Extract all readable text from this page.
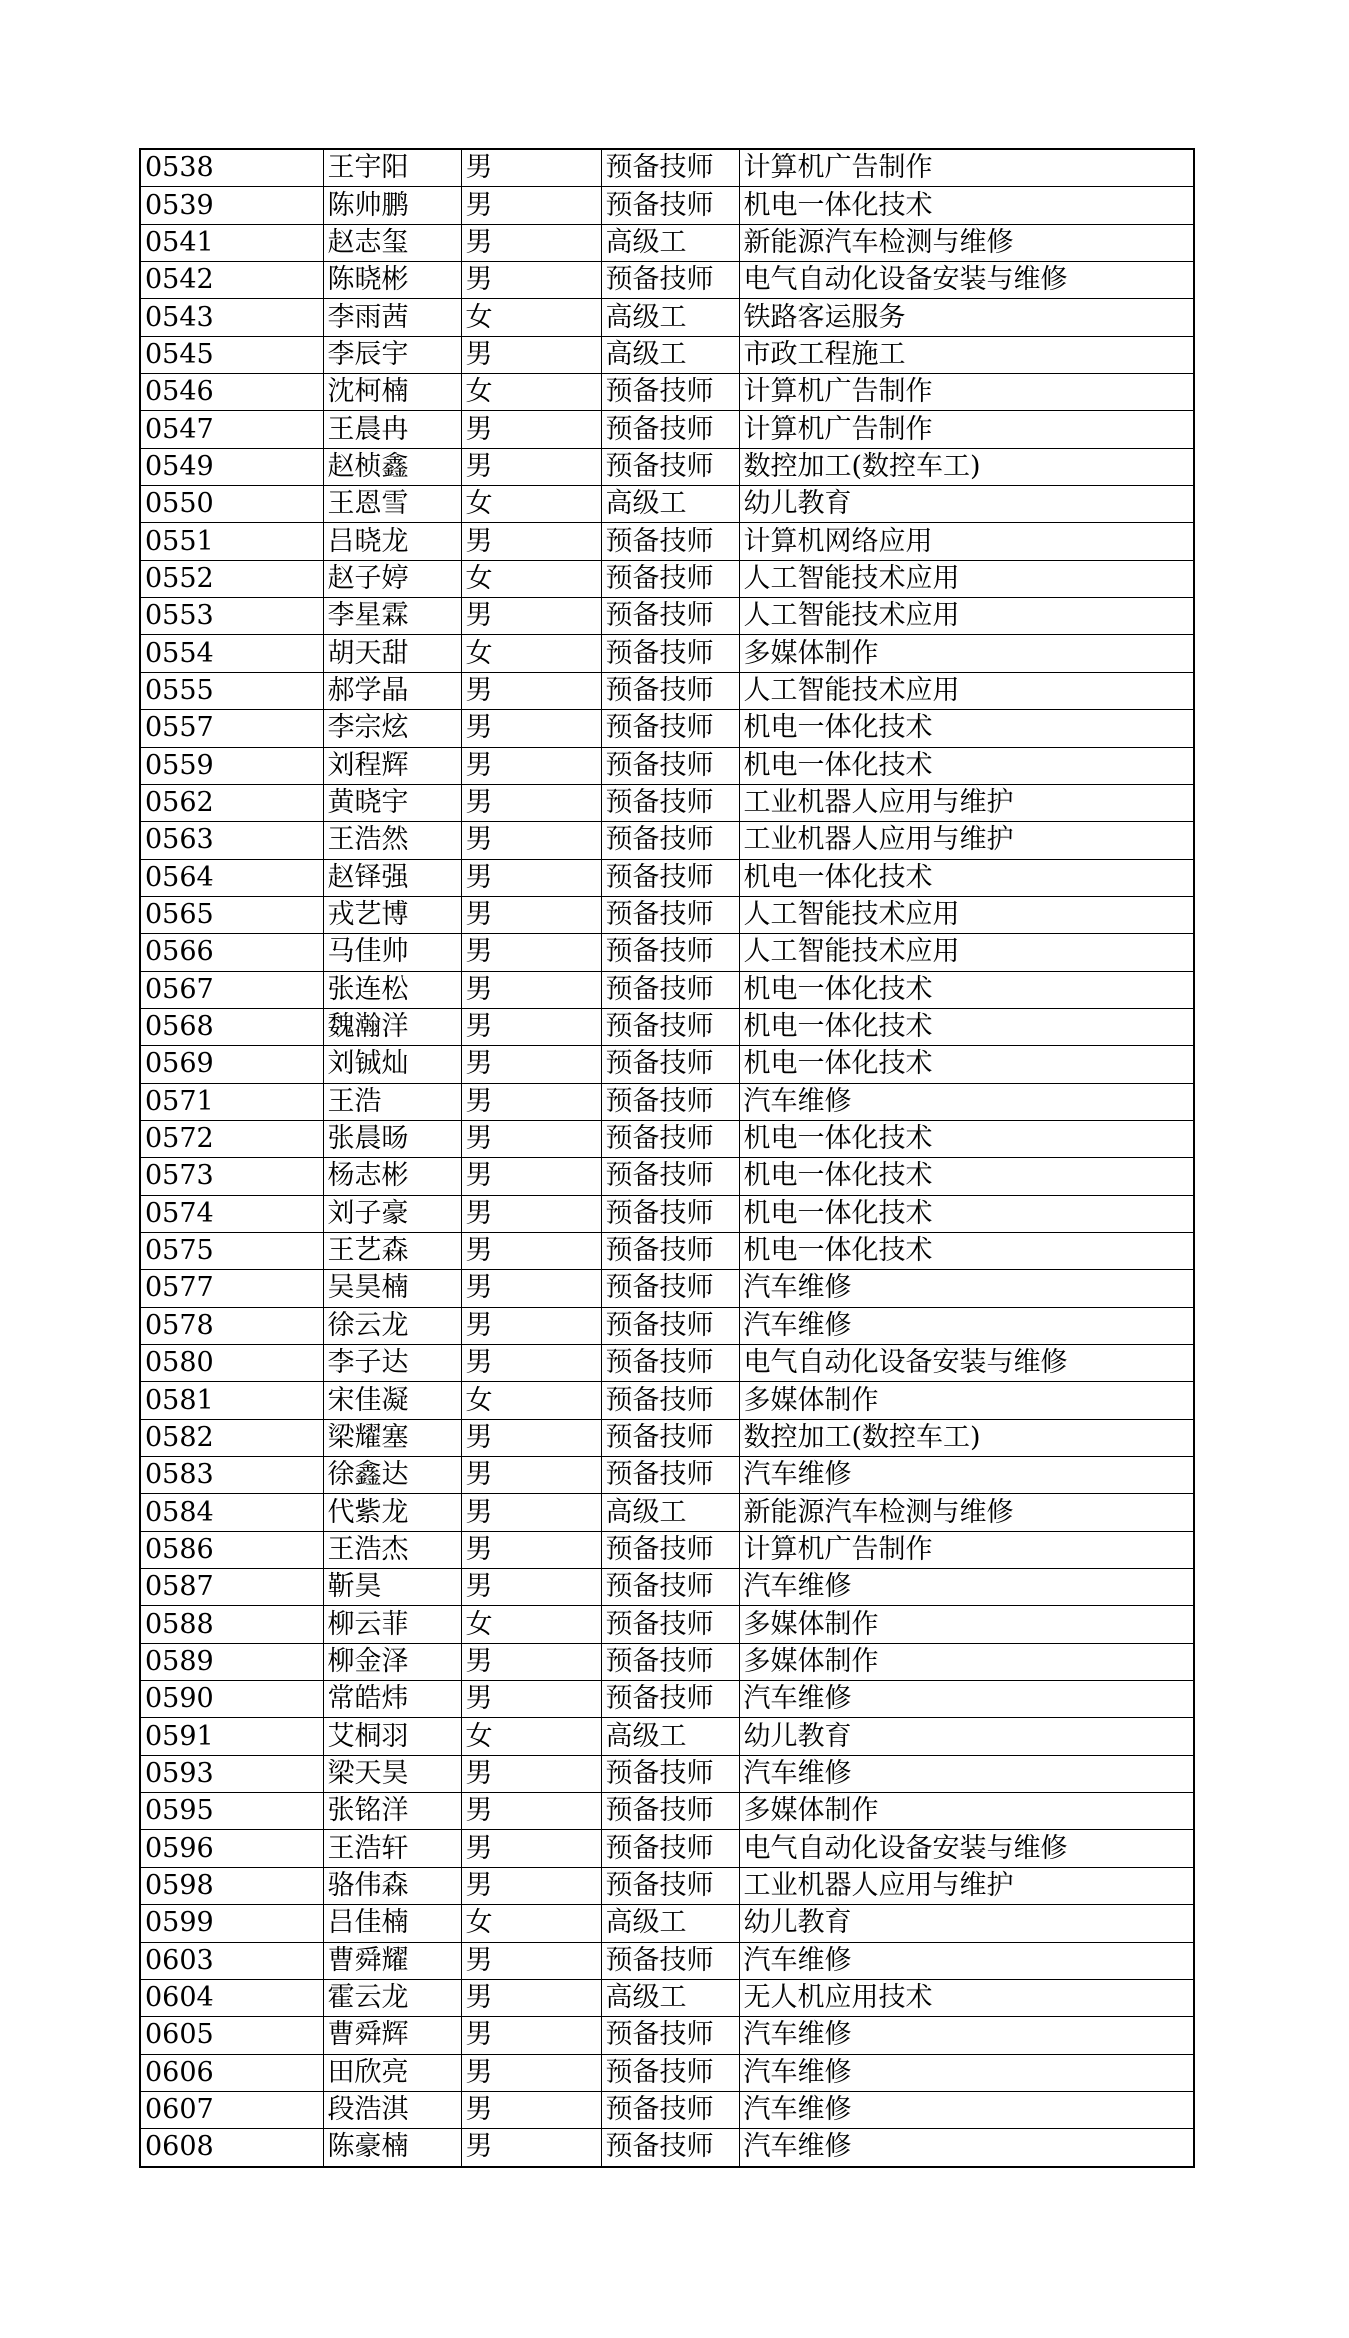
0538	王宇阳	男	预备技师	计算机广告制作
0539	陈帅鹏	男	预备技师	机电一体化技术
0541	赵志玺	男	高级工	新能源汽车检测与维修
0542	陈晓彬	男	预备技师	电气自动化设备安装与维修
0543	李雨茜	女	高级工	铁路客运服务
0545	李辰宇	男	高级工	市政工程施工
0546	沈柯楠	女	预备技师	计算机广告制作
0547	王晨冉	男	预备技师	计算机广告制作
0549	赵桢鑫	男	预备技师	数控加工(数控车工)
0550	王恩雪	女	高级工	幼儿教育
0551	吕晓龙	男	预备技师	计算机网络应用
0552	赵子婷	女	预备技师	人工智能技术应用
0553	李星霖	男	预备技师	人工智能技术应用
0554	胡天甜	女	预备技师	多媒体制作
0555	郝学晶	男	预备技师	人工智能技术应用
0557	李宗炫	男	预备技师	机电一体化技术
0559	刘程辉	男	预备技师	机电一体化技术
0562	黄晓宇	男	预备技师	工业机器人应用与维护
0563	王浩然	男	预备技师	工业机器人应用与维护
0564	赵铎强	男	预备技师	机电一体化技术
0565	戎艺博	男	预备技师	人工智能技术应用
0566	马佳帅	男	预备技师	人工智能技术应用
0567	张连松	男	预备技师	机电一体化技术
0568	魏瀚洋	男	预备技师	机电一体化技术
0569	刘铖灿	男	预备技师	机电一体化技术
0571	王浩	男	预备技师	汽车维修
0572	张晨旸	男	预备技师	机电一体化技术
0573	杨志彬	男	预备技师	机电一体化技术
0574	刘子豪	男	预备技师	机电一体化技术
0575	王艺森	男	预备技师	机电一体化技术
0577	吴昊楠	男	预备技师	汽车维修
0578	徐云龙	男	预备技师	汽车维修
0580	李子达	男	预备技师	电气自动化设备安装与维修
0581	宋佳凝	女	预备技师	多媒体制作
0582	梁耀塞	男	预备技师	数控加工(数控车工)
0583	徐鑫达	男	预备技师	汽车维修
0584	代紫龙	男	高级工	新能源汽车检测与维修
0586	王浩杰	男	预备技师	计算机广告制作
0587	靳昊	男	预备技师	汽车维修
0588	柳云菲	女	预备技师	多媒体制作
0589	柳金泽	男	预备技师	多媒体制作
0590	常皓炜	男	预备技师	汽车维修
0591	艾桐羽	女	高级工	幼儿教育
0593	梁天昊	男	预备技师	汽车维修
0595	张铭洋	男	预备技师	多媒体制作
0596	王浩轩	男	预备技师	电气自动化设备安装与维修
0598	骆伟森	男	预备技师	工业机器人应用与维护
0599	吕佳楠	女	高级工	幼儿教育
0603	曹舜耀	男	预备技师	汽车维修
0604	霍云龙	男	高级工	无人机应用技术
0605	曹舜辉	男	预备技师	汽车维修
0606	田欣亮	男	预备技师	汽车维修
0607	段浩淇	男	预备技师	汽车维修
0608	陈豪楠	男	预备技师	汽车维修
